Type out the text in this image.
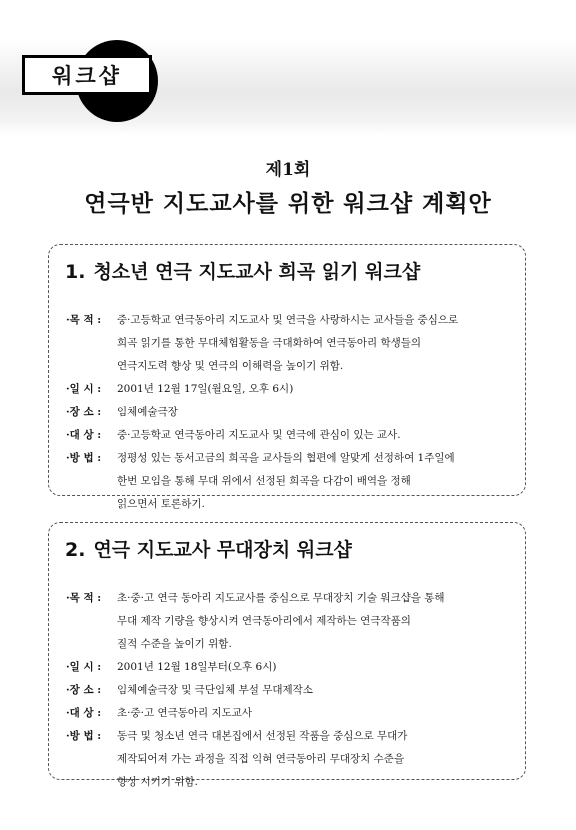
워크샵
제1회
연극반 지도교사를 위한 워크샵 계획안
1. 청소년 연극 지도교사 희곡 읽기 워크샵
·목 적 :	중·고등학교 연극동아리 지도교사 및 연극을 사랑하시는 교사들을 중심으로
희곡 읽기를 통한 무대체험활동을 극대화하여 연극동아리 학생들의
연극지도력 향상 및 연극의 이해력을 높이기 위함.
·일 시 :	2001년 12월 17일(월요일, 오후 6시)
·장 소 :	임체예술극장
·대 상 :	중·고등학교 연극동아리 지도교사 및 연극에 관심이 있는 교사.
·방 법 :	정평성 있는 동서고금의 희곡을 교사들의 협편에 알맞게 선정하여 1주일에
한번 모임을 통해 무대 위에서 선정된 희곡을 다감이 배역을 정해
읽으면서 토론하기.
2. 연극 지도교사 무대장치 워크샵
·목 적 :	초·중·고 연극 동아리 지도교사를 중심으로 무대장치 기술 워크샵을 통해
무대 제작 기량을 향상시켜 연극동아리에서 제작하는 연극작품의
질적 수준을 높이기 위함.
·일 시 :	2001년 12월 18일부터(오후 6시)
·장 소 :	임체예술극장 및 극단임체 부설 무대제작소
·대 상 :	초·중·고 연극동아리 지도교사
·방 법 :	동극 및 청소년 연극 대본집에서 선정된 작품을 중심으로 무대가
제작되어져 가는 과정을 직접 익혀 연극동아리 무대장치 수준을
향상 시키기 위함.
